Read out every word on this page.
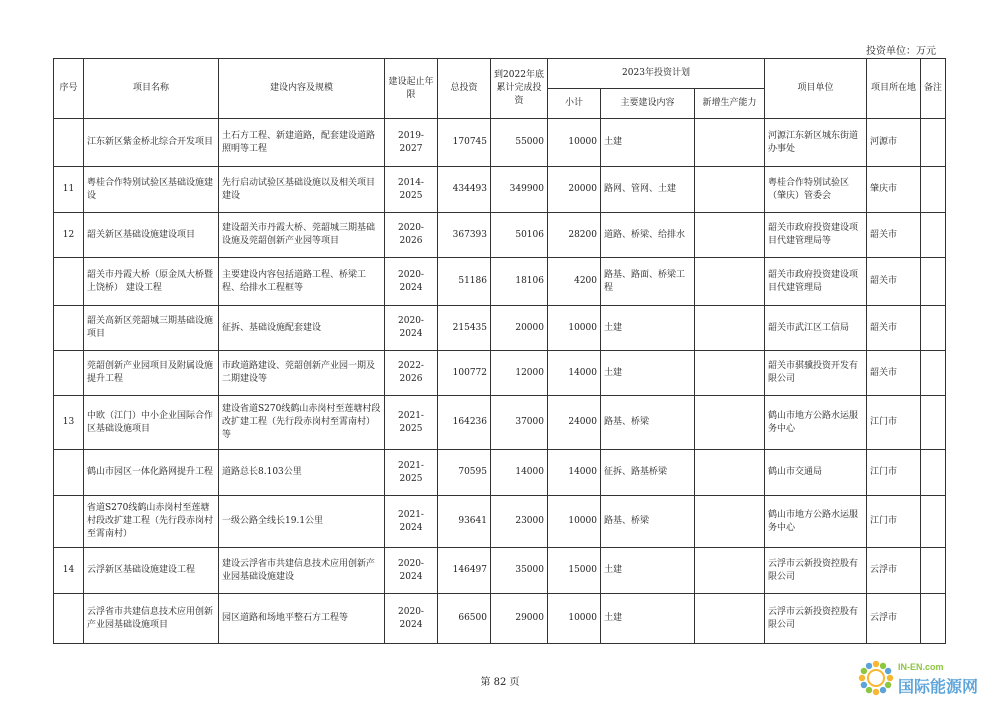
投资单位：万元
序号	项目名称	建设内容及规模	建设起止年限	总投资	到2022年底累计完成投资	2023年投资计划			项目单位	项目所在地	备注
						小计	主要建设内容	新增生产能力			
	江东新区紫金桥北综合开发项目	土石方工程、新建道路，配套建设道路照明等工程	2019-2027	170745	55000	10000	土建		河源江东新区城东街道办事处	河源市	
11	粤桂合作特别试验区基础设施建设	先行启动试验区基础设施以及相关项目建设	2014-2025	434493	349900	20000	路网、管网、土建		粤桂合作特别试验区（肇庆）管委会	肇庆市	
12	韶关新区基础设施建设项目	建设韶关市丹霞大桥、莞韶城三期基础设施及莞韶创新产业园等项目	2020-2026	367393	50106	28200	道路、桥梁、给排水		韶关市政府投资建设项目代建管理局等	韶关市	
	韶关市丹霞大桥（原金凤大桥暨上饶桥） 建设工程	主要建设内容包括道路工程、桥梁工程、给排水工程框等	2020-2024	51186	18106	4200	路基、路面、桥梁工程		韶关市政府投资建设项目代建管理局	韶关市	
	韶关高新区莞韶城三期基础设施项目	征拆、基础设施配套建设	2020-2024	215435	20000	10000	土建		韶关市武江区工信局	韶关市	
	莞韶创新产业园项目及附属设施提升工程	市政道路建设、莞韶创新产业园一期及二期建设等	2022-2026	100772	12000	14000	土建		韶关市骐骥投资开发有限公司	韶关市	
13	中欧（江门）中小企业国际合作区基础设施项目	建设省道S270线鹤山赤岗村至莲塘村段改扩建工程（先行段赤岗村至霄南村）等	2021-2025	164236	37000	24000	路基、桥梁		鹤山市地方公路水运服务中心	江门市	
	鹤山市园区一体化路网提升工程	道路总长8.103公里	2021-2025	70595	14000	14000	征拆、路基桥梁		鹤山市交通局	江门市	
	省道S270线鹤山赤岗村至莲塘村段改扩建工程（先行段赤岗村至霄南村）	一级公路全线长19.1公里	2021-2024	93641	23000	10000	路基、桥梁		鹤山市地方公路水运服务中心	江门市	
14	云浮新区基础设施建设工程	建设云浮省市共建信息技术应用创新产业园基础设施建设	2020-2024	146497	35000	15000	土建		云浮市云新投资控股有限公司	云浮市	
	云浮省市共建信息技术应用创新产业园基础设施项目	园区道路和场地平整石方工程等	2020-2024	66500	29000	10000	土建		云浮市云新投资控股有限公司	云浮市	
第 82 页
IN-EN.com
国际能源网
